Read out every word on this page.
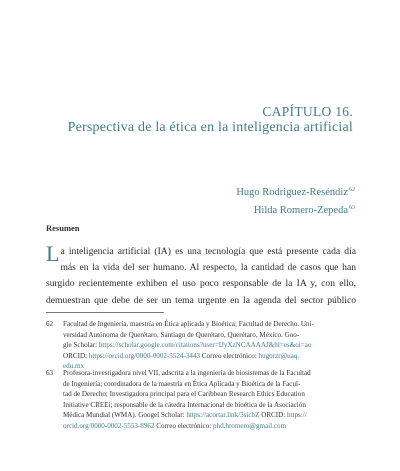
CAPÍTULO 16.
Perspectiva de la ética en la inteligencia artificial
Hugo Rodriguez-Reséndiz$^{62}$
Hilda Romero-Zepeda$^{63}$
Resumen
L a inteligencia artificial (IA) es una tecnología que está presente cada día
más en la vida del ser humano. Al respecto, la cantidad de casos que han
surgido recientemente exhiben el uso poco responsable de la IA y, con ello,
demuestran que debe de ser un tema urgente en la agenda del sector público
62 Facultad de Ingeniería, maestría en Ética aplicada y Bioética; Facultad de Derecho. Uni-
versidad Autónoma de Querétaro, Santiago de Querétaro, Querétaro, México. Goo-
gle Scholar: https://scholar.google.com/citations?user=IJyXzNCAAAAJ&hl=es&oi=ao
ORCID: https://orcid.org/0000-0002-5524-3443 Correo electrónico: hugorzr@uaq.
edu.mx
63 Profesora-investigadora nivel VII, adscrita a la ingeniería de biosistemas de la Facultad
de Ingeniería; coordinadora de la maestría en Ética Aplicada y Bioética de la Facul-
tad de Derecho; Investigadora principal para el Caribbean Research Ethics Education
Initiative CREEi; responsable de la cátedra Internacional de bioética de la Asociación
Médica Mundial (WMA). Googel Scholar: https://acortar.link/3sicbZ ORCID: https://
orcid.org/0000-0002-5553-8962 Correo electrónico: phd.hromero@gmail.com
